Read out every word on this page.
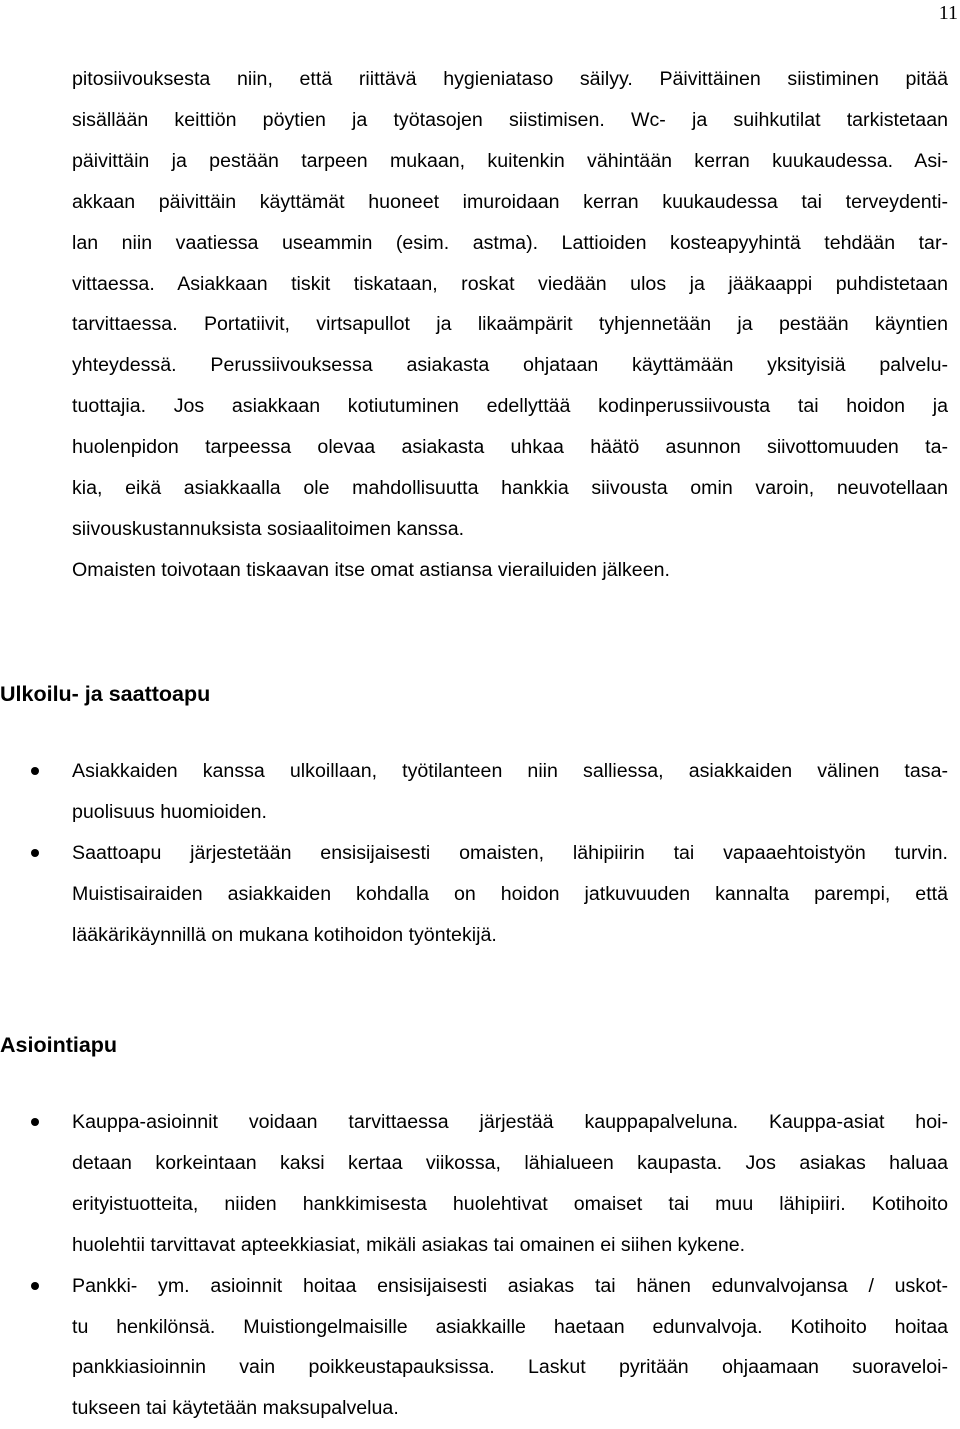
11
pitosiivouksesta niin, että riittävä hygieniataso säilyy. Päivittäinen siistiminen pitää
sisällään keittiön pöytien ja työtasojen siistimisen. Wc- ja suihkutilat tarkistetaan
päivittäin ja pestään tarpeen mukaan, kuitenkin vähintään kerran kuukaudessa. Asi-
akkaan päivittäin käyttämät huoneet imuroidaan kerran kuukaudessa tai terveydenti-
lan niin vaatiessa useammin (esim. astma). Lattioiden kosteapyyhintä tehdään tar-
vittaessa. Asiakkaan tiskit tiskataan, roskat viedään ulos ja jääkaappi puhdistetaan
tarvittaessa. Portatiivit, virtsapullot ja likaämpärit tyhjennetään ja pestään käyntien
yhteydessä. Perussiivouksessa asiakasta ohjataan käyttämään yksityisiä palvelu-
tuottajia. Jos asiakkaan kotiutuminen edellyttää kodinperussiivousta tai hoidon ja
huolenpidon tarpeessa olevaa asiakasta uhkaa häätö asunnon siivottomuuden ta-
kia, eikä asiakkaalla ole mahdollisuutta hankkia siivousta omin varoin, neuvotellaan
siivouskustannuksista sosiaalitoimen kanssa.
Omaisten toivotaan tiskaavan itse omat astiansa vierailuiden jälkeen.
Ulkoilu- ja saattoapu
Asiakkaiden kanssa ulkoillaan, työtilanteen niin salliessa, asiakkaiden välinen tasa-
puolisuus huomioiden.
Saattoapu järjestetään ensisijaisesti omaisten, lähipiirin tai vapaaehtoistyön turvin.
Muistisairaiden asiakkaiden kohdalla on hoidon jatkuvuuden kannalta parempi, että
lääkärikäynnillä on mukana kotihoidon työntekijä.
Asiointiapu
Kauppa-asioinnit voidaan tarvittaessa järjestää kauppapalveluna. Kauppa-asiat hoi-
detaan korkeintaan kaksi kertaa viikossa, lähialueen kaupasta. Jos asiakas haluaa
erityistuotteita, niiden hankkimisesta huolehtivat omaiset tai muu lähipiiri. Kotihoito
huolehtii tarvittavat apteekkiasiat, mikäli asiakas tai omainen ei siihen kykene.
Pankki- ym. asioinnit hoitaa ensisijaisesti asiakas tai hänen edunvalvojansa / uskot-
tu henkilönsä. Muistiongelmaisille asiakkaille haetaan edunvalvoja. Kotihoito hoitaa
pankkiasioinnin vain poikkeustapauksissa. Laskut pyritään ohjaamaan suoraveloi-
tukseen tai käytetään maksupalvelua.
